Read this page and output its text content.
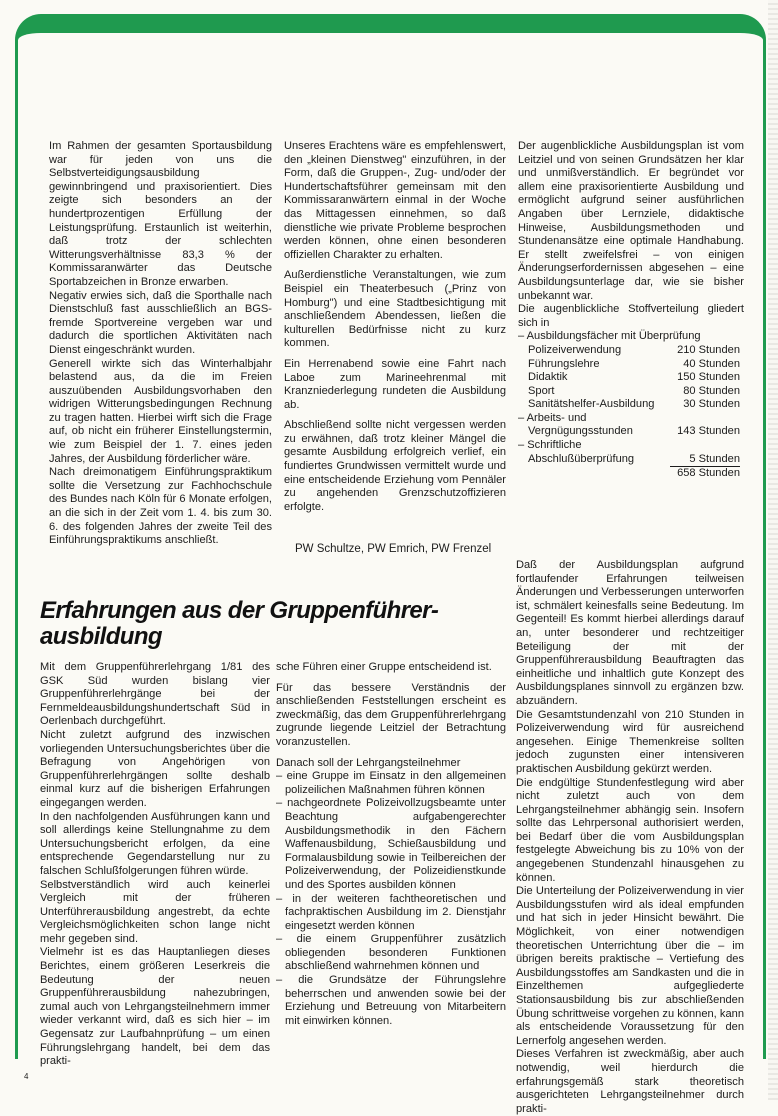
Im Rahmen der gesamten Sportausbildung war für jeden von uns die Selbstverteidigungsausbildung gewinnbringend und praxisorientiert. Dies zeigte sich besonders an der hundertprozentigen Erfüllung der Leistungsprüfung. Erstaunlich ist weiterhin, daß trotz der schlechten Witterungsverhältnisse 83,3 % der Kommissaranwärter das Deutsche Sportabzeichen in Bronze erwarben.

Negativ erwies sich, daß die Sporthalle nach Dienstschluß fast ausschließlich an BGS-fremde Sportvereine vergeben war und dadurch die sportlichen Aktivitäten nach Dienst eingeschränkt wurden.

Generell wirkte sich das Winterhalbjahr belastend aus, da die im Freien auszuübenden Ausbildungsvorhaben den widrigen Witterungsbedingungen Rechnung zu tragen hatten. Hierbei wirft sich die Frage auf, ob nicht ein früherer Einstellungstermin, wie zum Beispiel der 1. 7. eines jeden Jahres, der Ausbildung förderlicher wäre.

Nach dreimonatigem Einführungspraktikum sollte die Versetzung zur Fachhochschule des Bundes nach Köln für 6 Monate erfolgen, an die sich in der Zeit vom 1. 4. bis zum 30. 6. des folgenden Jahres der zweite Teil des Einführungspraktikums anschließt.

Unseres Erachtens wäre es empfehlenswert, den „kleinen Dienstweg" einzuführen, in der Form, daß die Gruppen-, Zug- und/oder der Hundertschaftsführer gemeinsam mit den Kommissaranwärtern einmal in der Woche das Mittagessen einnehmen, so daß dienstliche wie private Probleme besprochen werden können, ohne einen besonderen offiziellen Charakter zu erhalten.

Außerdienstliche Veranstaltungen, wie zum Beispiel ein Theaterbesuch („Prinz von Homburg") und eine Stadtbesichtigung mit anschließendem Abendessen, ließen die kulturellen Bedürfnisse nicht zu kurz kommen.

Ein Herrenabend sowie eine Fahrt nach Laboe zum Marineehrenmal mit Kranzniederlegung rundeten die Ausbildung ab.

Abschließend sollte nicht vergessen werden zu erwähnen, daß trotz kleiner Mängel die gesamte Ausbildung erfolgreich verlief, ein fundiertes Grundwissen vermittelt wurde und eine entscheidende Erziehung vom Pennäler zu angehenden Grenzschutzoffizieren erfolgte.

PW Schultze, PW Emrich, PW Frenzel

Der augenblickliche Ausbildungsplan ist vom Leitziel und von seinen Grundsätzen her klar und unmißverständlich. Er begründet vor allem eine praxisorientierte Ausbildung und ermöglicht aufgrund seiner ausführlichen Angaben über Lernziele, didaktische Hinweise, Ausbildungsmethoden und Stundenansätze eine optimale Handhabung. Er stellt zweifelsfrei – von einigen Änderungserfordernissen abgesehen – eine Ausbildungsunterlage dar, wie sie bisher unbekannt war.

Die augenblickliche Stoffverteilung gliedert sich in

– Ausbildungsfächer mit Überprüfung	
Polizeiverwendung	210 Stunden
Führungslehre	40 Stunden
Didaktik	150 Stunden
Sport	80 Stunden
Sanitätshelfer-Ausbildung	30 Stunden
– Arbeits- und	
Vergnügungsstunden	143 Stunden
– Schriftliche	
Abschlußüberprüfung	5 Stunden
	658 Stunden
Erfahrungen aus der Gruppenführer-ausbildung

Mit dem Gruppenführerlehrgang 1/81 des GSK Süd wurden bislang vier Gruppenführerlehrgänge bei der Fernmeldeausbildungshundertschaft Süd in Oerlenbach durchgeführt.

Nicht zuletzt aufgrund des inzwischen vorliegenden Untersuchungsberichtes über die Befragung von Angehörigen von Gruppenführerlehrgängen sollte deshalb einmal kurz auf die bisherigen Erfahrungen eingegangen werden.

In den nachfolgenden Ausführungen kann und soll allerdings keine Stellungnahme zu dem Untersuchungsbericht erfolgen, da eine entsprechende Gegendarstellung nur zu falschen Schlußfolgerungen führen würde.

Selbstverständlich wird auch keinerlei Vergleich mit der früheren Unterführerausbildung angestrebt, da echte Vergleichsmöglichkeiten schon lange nicht mehr gegeben sind.

Vielmehr ist es das Hauptanliegen dieses Berichtes, einem größeren Leserkreis die Bedeutung der neuen Gruppenführerausbildung nahezubringen, zumal auch von Lehrgangsteilnehmern immer wieder verkannt wird, daß es sich hier – im Gegensatz zur Laufbahnprüfung – um einen Führungslehrgang handelt, bei dem das prakti-

sche Führen einer Gruppe entscheidend ist.

Für das bessere Verständnis der anschließenden Feststellungen erscheint es zweckmäßig, das dem Gruppenführerlehrgang zugrunde liegende Leitziel der Betrachtung voranzustellen.

Danach soll der Lehrgangsteilnehmer

– eine Gruppe im Einsatz in den allgemeinen polizeilichen Maßnahmen führen können
– nachgeordnete Polizeivollzugsbeamte unter Beachtung aufgabengerechter Ausbildungsmethodik in den Fächern Waffenausbildung, Schießausbildung und Formalausbildung sowie in Teilbereichen der Polizeiverwendung, der Polizeidienstkunde und des Sportes ausbilden können
– in der weiteren fachtheoretischen und fachpraktischen Ausbildung im 2. Dienstjahr eingesetzt werden können
– die einem Gruppenführer zusätzlich obliegenden besonderen Funktionen abschließend wahrnehmen können und
– die Grundsätze der Führungslehre beherrschen und anwenden sowie bei der Erziehung und Betreuung von Mitarbeitern mit einwirken können.

Daß der Ausbildungsplan aufgrund fortlaufender Erfahrungen teilweisen Änderungen und Verbesserungen unterworfen ist, schmälert keinesfalls seine Bedeutung. Im Gegenteil! Es kommt hierbei allerdings darauf an, unter besonderer und rechtzeitiger Beteiligung der mit der Gruppenführerausbildung Beauftragten das einheitliche und inhaltlich gute Konzept des Ausbildungsplanes sinnvoll zu ergänzen bzw. abzuändern.

Die Gesamtstundenzahl von 210 Stunden in Polizeiverwendung wird für ausreichend angesehen. Einige Themenkreise sollten jedoch zugunsten einer intensiveren praktischen Ausbildung gekürzt werden.

Die endgültige Stundenfestlegung wird aber nicht zuletzt auch von dem Lehrgangsteilnehmer abhängig sein. Insofern sollte das Lehrpersonal authorisiert werden, bei Bedarf über die vom Ausbildungsplan festgelegte Abweichung bis zu 10% von der angegebenen Stundenzahl hinausgehen zu können.

Die Unterteilung der Polizeiverwendung in vier Ausbildungsstufen wird als ideal empfunden und hat sich in jeder Hinsicht bewährt. Die Möglichkeit, von einer notwendigen theoretischen Unterrichtung über die – im übrigen bereits praktische – Vertiefung des Ausbildungsstoffes am Sandkasten und die in Einzelthemen aufgegliederte Stationsausbildung bis zur abschließenden Übung schrittweise vorgehen zu können, kann als entscheidende Voraussetzung für den Lernerfolg angesehen werden.

Dieses Verfahren ist zweckmäßig, aber auch notwendig, weil hierdurch die erfahrungsgemäß stark theoretisch ausgerichteten Lehrgangsteilnehmer durch prakti-

4
